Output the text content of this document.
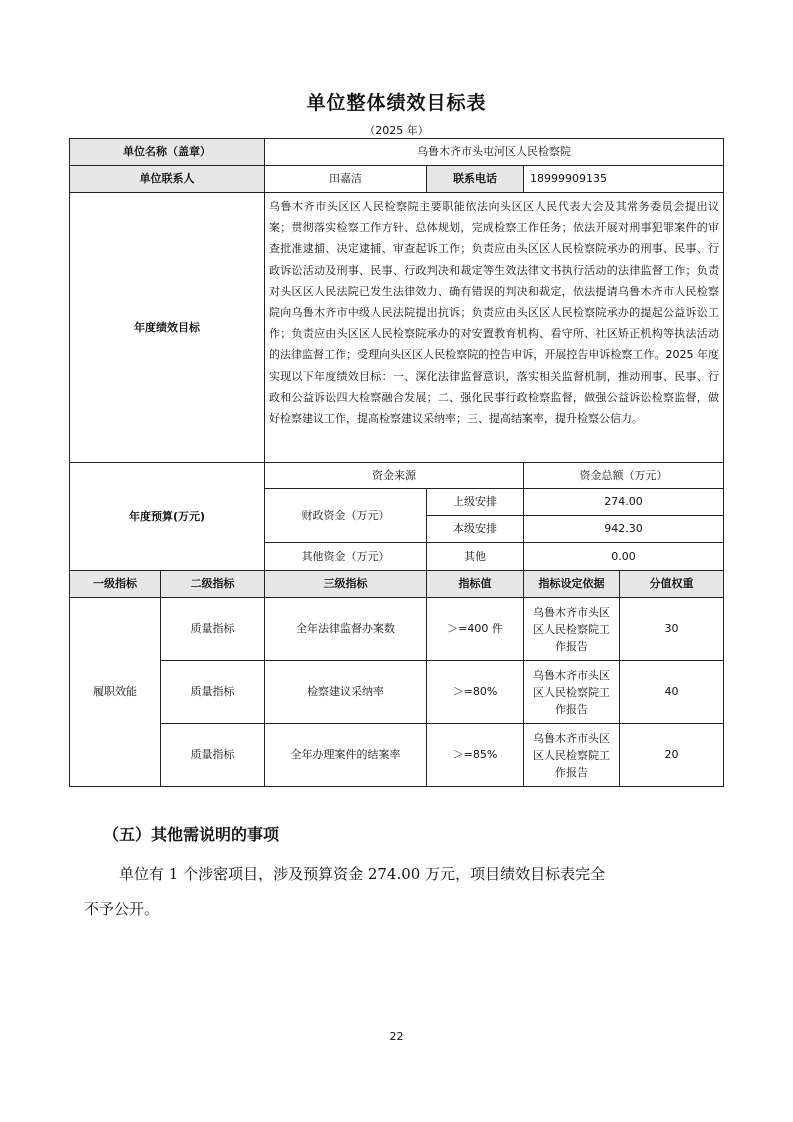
单位整体绩效目标表
（2025 年）
单位名称（盖章）		乌鲁木齐市头屯河区人民检察院			
单位联系人		田嘉洁	联系电话	18999909135	
年度绩效目标		乌鲁木齐市头区区人民检察院主要职能依法向头区区人民代表大会及其常务委员会提出议案；贯彻落实检察工作方针、总体规划，完成检察工作任务；依法开展对刑事犯罪案件的审查批准逮捕、决定逮捕、审查起诉工作；负责应由头区区人民检察院承办的刑事、民事、行政诉讼活动及刑事、民事、行政判决和裁定等生效法律文书执行活动的法律监督工作；负责对头区区人民法院已发生法律效力、确有错误的判决和裁定，依法提请乌鲁木齐市人民检察院向乌鲁木齐市中级人民法院提出抗诉；负责应由头区区人民检察院承办的提起公益诉讼工作；负责应由头区区人民检察院承办的对安置教育机构、看守所、社区矫正机构等执法活动的法律监督工作；受理向头区区人民检察院的控告申诉，开展控告申诉检察工作。2025 年度实现以下年度绩效目标：一、深化法律监督意识，落实相关监督机制，推动刑事、民事、行政和公益诉讼四大检察融合发展；二、强化民事行政检察监督，做强公益诉讼检察监督，做好检察建议工作，提高检察建议采纳率；三、提高结案率，提升检察公信力。			
年度预算(万元)		资金来源		资金总额（万元）	
		财政资金（万元）	上级安排	274.00	
			本级安排	942.30	
		其他资金（万元）	其他	0.00	
一级指标	二级指标	三级指标	指标值	指标设定依据	分值权重
履职效能	质量指标	全年法律监督办案数	＞=400 件	乌鲁木齐市头区区人民检察院工作报告	30
	质量指标	检察建议采纳率	＞=80%	乌鲁木齐市头区区人民检察院工作报告	40
	质量指标	全年办理案件的结案率	＞=85%	乌鲁木齐市头区区人民检察院工作报告	20
（五）其他需说明的事项
单位有 1 个涉密项目，涉及预算资金 274.00 万元，项目绩效目标表完全
不予公开。
22
